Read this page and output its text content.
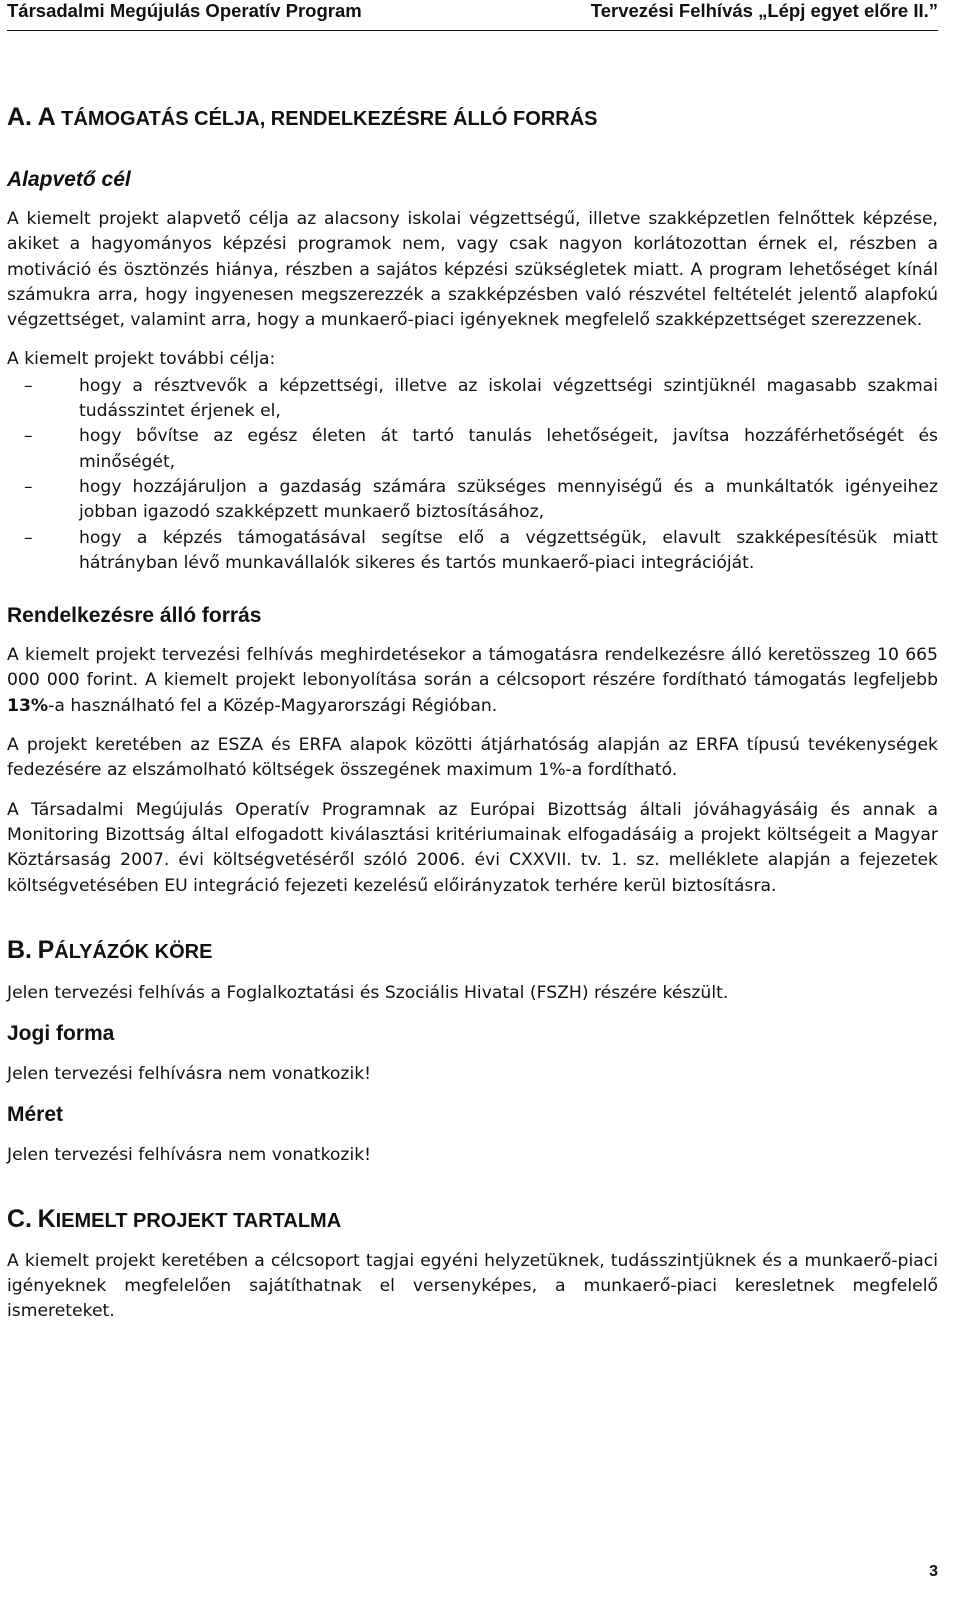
Társadalmi Megújulás Operatív Program	Tervezési Felhívás „Lépj egyet előre II.”
A. A TÁMOGATÁS CÉLJA, RENDELKEZÉSRE ÁLLÓ FORRÁS
Alapvető cél

A kiemelt projekt alapvető célja az alacsony iskolai végzettségű, illetve szakképzetlen felnőttek képzése, akiket a hagyományos képzési programok nem, vagy csak nagyon korlátozottan érnek el, részben a motiváció és ösztönzés hiánya, részben a sajátos képzési szükségletek miatt. A program lehetőséget kínál számukra arra, hogy ingyenesen megszerezzék a szakképzésben való részvétel feltételét jelentő alapfokú végzettséget, valamint arra, hogy a munkaerő-piaci igényeknek megfelelő szakképzettséget szerezzenek.

A kiemelt projekt további célja:

–	hogy a résztvevők a képzettségi, illetve az iskolai végzettségi szintjüknél magasabb szakmai tudásszintet érjenek el,
–	hogy bővítse az egész életen át tartó tanulás lehetőségeit, javítsa hozzáférhetőségét és minőségét,
–	hogy hozzájáruljon a gazdaság számára szükséges mennyiségű és a munkáltatók igényeihez jobban igazodó szakképzett munkaerő biztosításához,
–	hogy a képzés támogatásával segítse elő a végzettségük, elavult szakképesítésük miatt hátrányban lévő munkavállalók sikeres és tartós munkaerő-piaci integrációját.
Rendelkezésre álló forrás

A kiemelt projekt tervezési felhívás meghirdetésekor a támogatásra rendelkezésre álló keretösszeg 10 665 000 000 forint. A kiemelt projekt lebonyolítása során a célcsoport részére fordítható támogatás legfeljebb 13%-a használható fel a Közép-Magyarországi Régióban.

A projekt keretében az ESZA és ERFA alapok közötti átjárhatóság alapján az ERFA típusú tevékenységek fedezésére az elszámolható költségek összegének maximum 1%-a fordítható.

A Társadalmi Megújulás Operatív Programnak az Európai Bizottság általi jóváhagyásáig és annak a Monitoring Bizottság által elfogadott kiválasztási kritériumainak elfogadásáig a projekt költségeit a Magyar Köztársaság 2007. évi költségvetéséről szóló 2006. évi CXXVII. tv. 1. sz. melléklete alapján a fejezetek költségvetésében EU integráció fejezeti kezelésű előirányzatok terhére kerül biztosításra.

B. PÁLYÁZÓK KÖRE

Jelen tervezési felhívás a Foglalkoztatási és Szociális Hivatal (FSZH) részére készült.

Jogi forma

Jelen tervezési felhívásra nem vonatkozik!

Méret

Jelen tervezési felhívásra nem vonatkozik!

C. KIEMELT PROJEKT TARTALMA

A kiemelt projekt keretében a célcsoport tagjai egyéni helyzetüknek, tudásszintjüknek és a munkaerő-piaci igényeknek megfelelően sajátíthatnak el versenyképes, a munkaerő-piaci keresletnek megfelelő ismereteket.

3
